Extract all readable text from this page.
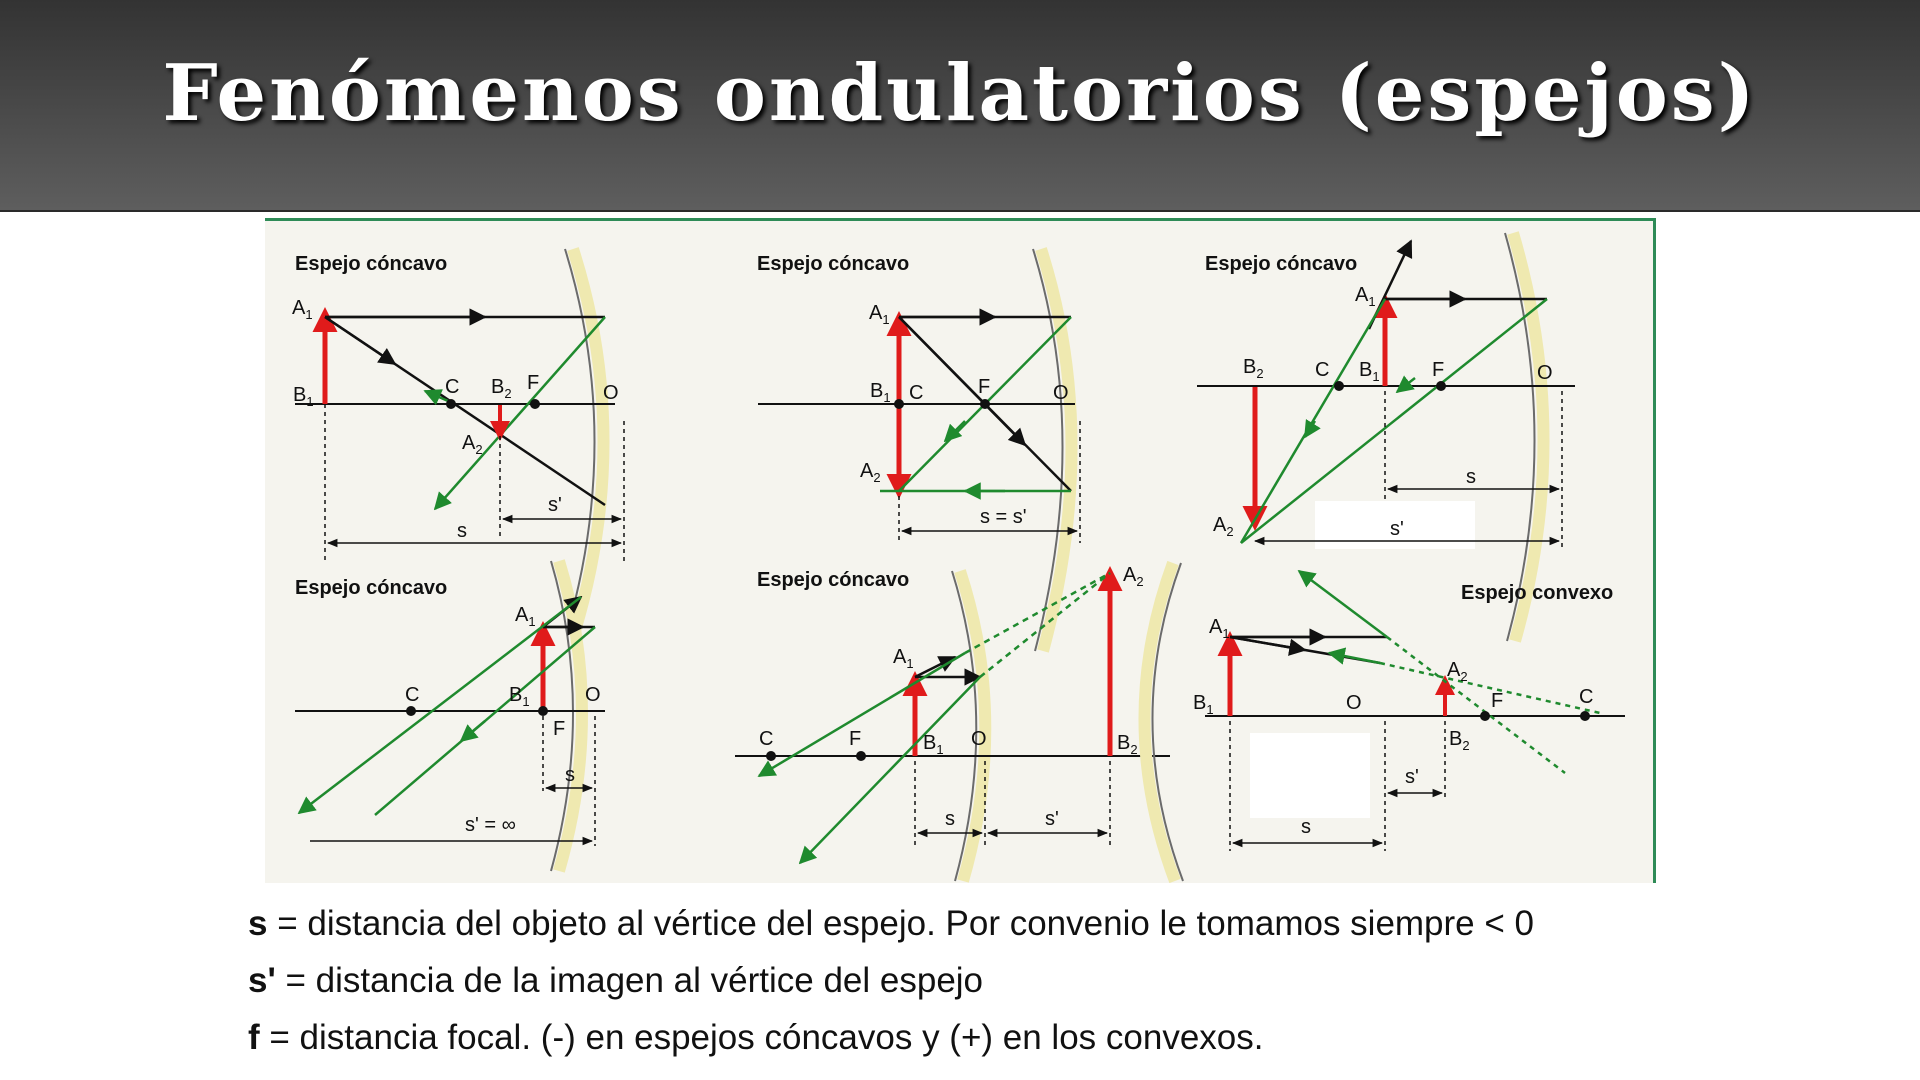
Fenómenos ondulatorios (espejos)
Espejo cóncavo
$A_1$
$B_1$
C $B_2$ F	O
$A_2$
s'
s
Espejo cóncavo
$A_1$
$B_1$ C	F	O
$A_2$
s = s'
Espejo cóncavo
$A_1$
$B_2$	C $B_1$	F	O
$A_2$
s
s'
Espejo cóncavo
$A_1$
C	$B_1$	O
F
s
s' = ∞
Espejo cóncavo
$A_1$
$A_2$
C	F	$B_1$ O	$B_2$
s	s'
Espejo convexo
$A_1$
$B_1$	O
$A_2$
F	C
$B_2$
s'
s
s = distancia del objeto al vértice del espejo. Por convenio le tomamos siempre < 0
s' = distancia de la imagen al vértice del espejo
f = distancia focal. (-) en espejos cóncavos y (+) en los convexos.
